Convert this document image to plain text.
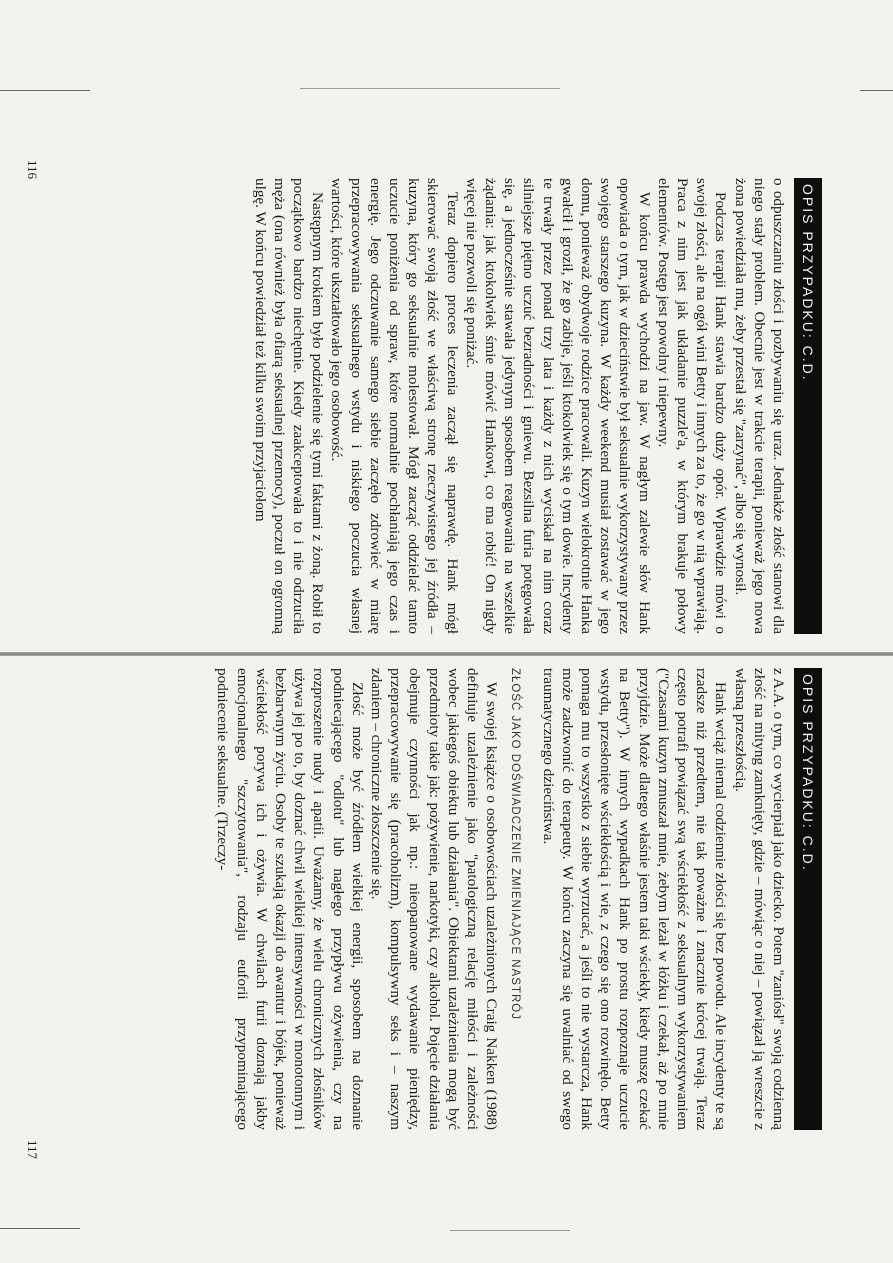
OPIS PRZYPADKU: C.D.

o odpuszczaniu złości i pozbywaniu się uraz. Jednakże złość stanowi dla niego stały problem. Obecnie jest w trakcie terapii, ponieważ jego nowa żona powiedziała mu, żeby przestał się "zarzynać", albo się wynosił.

Podczas terapii Hank stawia bardzo duży opór. Wprawdzie mówi o swojej złości, ale na ogół wini Betty i innych za to, że go w nią wprawiają. Praca z nim jest jak układanie puzzle'a, w którym brakuje połowy elementów. Postęp jest powolny i niepewny.

W końcu prawda wychodzi na jaw. W nagłym zalewie słów Hank opowiada o tym, jak w dzieciństwie był seksualnie wykorzystywany przez swojego starszego kuzyna. W każdy weekend musiał zostawać w jego domu, ponieważ obydwoje rodzice pracowali. Kuzyn wielokrotnie Hanka gwałcił i groził, że go zabije, jeśli ktokolwiek się o tym dowie. Incydenty te trwały przez ponad trzy lata i każdy z nich wyciskał na nim coraz silniejsze piętno uczuć bezradności i gniewu. Bezsilna furia potęgowała się, a jednocześnie stawała jedynym sposobem reagowania na wszelkie żądania: jak ktokolwiek śmie mówić Hankowi, co ma robić! On nigdy więcej nie pozwoli się poniżać.

Teraz dopiero proces leczenia zaczął się naprawdę. Hank mógł skierować swoją złość we właściwą stronę rzeczywistego jej źródła – kuzyna, który go seksualnie molestował. Mógł zacząć oddzielać tamto uczucie poniżenia od spraw, które normalnie pochłaniają jego czas i energię. Jego odczuwanie samego siebie zaczęło zdrowieć w miarę przepracowywania seksualnego wstydu i niskiego poczucia własnej wartości, które ukształtowało jego osobowość.

Następnym krokiem było podzielenie się tymi faktami z żoną. Robił to początkowo bardzo niechętnie. Kiedy zaakceptowała to i nie odrzuciła męża (ona również była ofiarą seksualnej przemocy), poczuł on ogromną ulgę. W końcu powiedział też kilku swoim przyjaciołom

116
OPIS PRZYPADKU: C.D.

z A.A. o tym, co wycierpiał jako dziecko. Potem "zaniósł" swoją codzienną złość na mityng zamknięty, gdzie – mówiąc o niej – powiązał ją wreszcie z własną przeszłością.

Hank wciąż niemal codziennie złości się bez powodu. Ale incydenty te są rzadsze niż przedtem, nie tak poważne i znacznie krócej trwają. Teraz często potrafi powiązać swą wściekłość z seksualnym wykorzystywaniem ("Czasami kuzyn zmuszał mnie, żebym leżał w łóżku i czekał, aż po mnie przyjdzie. Może dlatego właśnie jestem taki wściekły, kiedy muszę czekać na Betty"). W innych wypadkach Hank po prostu rozpoznaje uczucie wstydu, przesłonięte wściekłością i wie, z czego się ono rozwinęło. Betty pomaga mu to wszystko z siebie wyrzucać, a jeśli to nie wystarcza, Hank może zadzwonić do terapeuty. W końcu zaczyna się uwalniać od swego traumatycznego dzieciństwa.

ZŁOŚĆ JAKO DOŚWIADCZENIE ZMIENIAJĄCE NASTRÓJ

W swojej książce o osobowościach uzależnionych Craig Nakken (1988) definiuje uzależnienie jako "patologiczną relację miłości i zależności wobec jakiegoś obiektu lub działania". Obiektami uzależnienia mogą być przedmioty takie jak: pożywienie, narkotyki, czy alkohol. Pojęcie działania obejmuje czynności jak np.: nieopanowane wydawanie pieniędzy, przepracowywanie się (pracoholizm), kompulsywny seks i – naszym zdaniem – chroniczne złoszczenie się.

Złość może być źródłem wielkiej energii, sposobem na doznanie podniecającego "odlotu" lub nagłego przypływu ożywienia, czy na rozproszenie nudy i apatii. Uważamy, że wielu chronicznych złośników używa jej po to, by doznać chwil wielkiej intensywności w monotonnym i bezbarwnym życiu. Osoby te szukają okazji do awantur i bójek, ponieważ wściekłość porywa ich i ożywia. W chwilach furii doznają jakby emocjonalnego "szczytowania", rodzaju euforii przypominającego podniecenie seksualne. (Trzeczy-

117
